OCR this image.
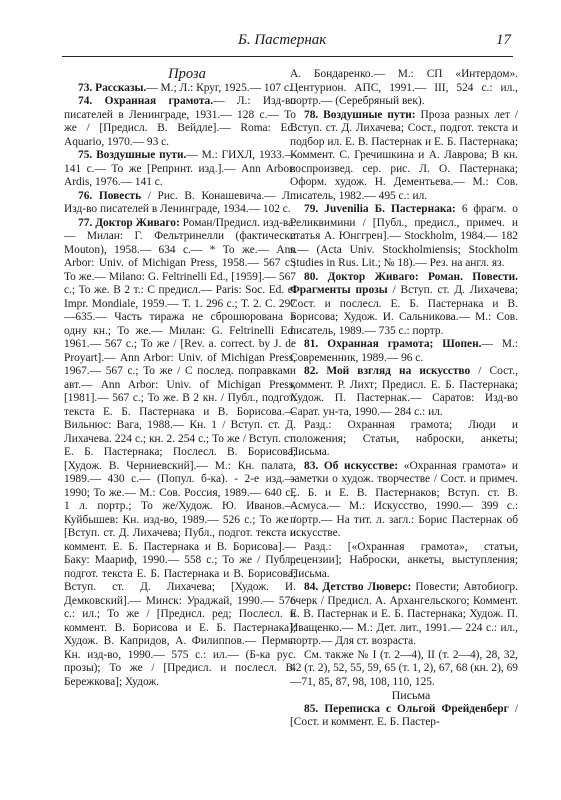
Б. Пастернак	17

Проза

73. Рассказы.— М.; Л.: Круг, 1925.— 107 с.

74. Охранная грамота.— Л.: Изд-во писателей в Ленинграде, 1931.— 128 с.— То же / [Предисл. В. Вейдле].— Roma: Ed. Aquario, 1970.— 93 с.

75. Воздушные пути.— М.: ГИХЛ, 1933.— 141 с.— То же [Репринт. изд.].— Ann Arbor: Ardis, 1976.— 141 с.

76. Повесть / Рис. В. Конашевича.— Л.: Изд-во писателей в Ленинграде, 1934.— 102 с.

77. Доктор Живаго: Роман/Предисл. изд-ва.— Милан: Г. Фельтринелли (фактически Mouton), 1958.— 634 с.— * То же.— Ann Arbor: Univ. of Michigan Press, 1958.— 567 с.; То же.— Milano: G. Feltrinelli Ed., [1959].— 567 с.; То же. В 2 т.: С предисл.— Paris: Soc. Ed. et Impr. Mondiale, 1959.— Т. 1. 296 с.; Т. 2. С. 297—635.— Часть тиража не сброшюрована в одну кн.; То же.— Милан: G. Feltrinelli Ed. 1961.— 567 с.; То же / [Rev. a. correct. by J. de Proyart].— Ann Arbor: Univ. of Michigan Press, 1967.— 567 с.; То же / С послед. поправками авт.— Ann Arbor: Univ. of Michigan Press, [1981].— 567 с.; То же. В 2 кн. / Публ., подгот. текста Е. Б. Пастернака и В. Борисова.— Вильнюс: Вага, 1988.— Кн. 1 / Вступ. ст. Д. Лихачева. 224 с.; кн. 2. 254 с.; То же / Вступ. ст. Е. Б. Пастернака; Послесл. В. Борисова; [Худож. В. Черниевский].— М.: Кн. палата, 1989.— 430 с.— (Попул. б-ка). - 2-е изд.— 1990; То же.— М.: Сов. Россия, 1989.— 640 с., 1 л. портр.; То же/Худож. Ю. Иванов.— Куйбышев: Кн. изд-во, 1989.— 526 с.; То же / [Вступ. ст. Д. Лихачева; Публ., подгот. текста и коммент. Е. Б. Пастернака и В. Борисова].— Баку: Маариф, 1990.— 558 с.; То же / Публ., подгот. текста Е. Б. Пастернака и В. Борисова; Вступ. ст. Д. Лихачева; [Худож. И. Демковский].— Минск: Ураджай, 1990.— 576 с.: ил.; То же / [Предисл. ред; Послесл. и коммент. В. Борисова и Е. Б. Пастернака]; Худож. В. Капридов, А. Филиппов.— Пермь: Кн. изд-во, 1990.— 575 с.: ил.— (Б-ка рус. прозы); То же / [Предисл. и послесл. В. Бережкова]; Худож.

А. Бондаренко.— М.: СП «Интердом». Центурион. АПС, 1991.— III, 524 с.: ил., портр.— (Серебряный век).

78. Воздушные пути: Проза разных лет / Вступ. ст. Д. Лихачева; Сост., подгот. текста и подбор ил. Е. В. Пастернак и Е. Б. Пастернака; Коммент. С. Гречишкина и А. Лаврова; В кн. воспроизвед. сер. рис. Л. О. Пастернака; Оформ. худож. Н. Дементьева.— М.: Сов. писатель, 1982.— 495 с.: ил.

79. Juvenilia Б. Пастернака: 6 фрагм. о Реликвимини / [Публ., предисл., примеч. и статья А. Юнггрен].— Stockholm, 1984.— 182 s.— (Acta Univ. Stockholmiensis; Stockholm Studies in Rus. Lit.; № 18).— Рез. на англ. яз.

80. Доктор Живаго: Роман. Повести. Фрагменты прозы / Вступ. ст. Д. Лихачева; Сост. и послесл. Е. Б. Пастернака и В. Борисова; Худож. И. Сальникова.— М.: Сов. писатель, 1989.— 735 с.: портр.

81. Охранная грамота; Шопен.— М.: Современник, 1989.— 96 с.

82. Мой взгляд на искусство / Сост., коммент. Р. Лихт; Предисл. Е. Б. Пастернака; Худож. П. Пастернак.— Саратов: Изд-во Сарат. ун-та, 1990.— 284 с.: ил.

Разд.: Охранная грамота; Люди и положения; Статьи, наброски, анкеты; Письма.

83. Об искусстве: «Охранная грамота» и заметки о худож. творчестве / Сост. и примеч. Е. Б. и Е. В. Пастернаков; Вступ. ст. В. Асмуса.— М.: Искусство, 1990.— 399 с.: портр.— На тит. л. загл.: Борис Пастернак об искусстве.

Разд.: [«Охранная грамота», статьи, рецензии]; Наброски, анкеты, выступления; Письма.

84. Детство Люверс: Повести; Автобиогр. очерк / Предисл. А. Архангельского; Коммент. Е. В. Пастернак и Е. Б. Пастернака; Худож. П. Иващенко.— М.: Дет. лит., 1991.— 224 с.: ил., портр.— Для ст. возраста.

См. также № I (т. 2—4), II (т. 2—4), 28, 32, 42 (т. 2), 52, 55, 59, 65 (т. 1, 2), 67, 68 (кн. 2), 69—71, 85, 87, 98, 108, 110, 125.

Письма

85. Переписка с Ольгой Фрейденберг / [Сост. и коммент. Е. Б. Пастер-
